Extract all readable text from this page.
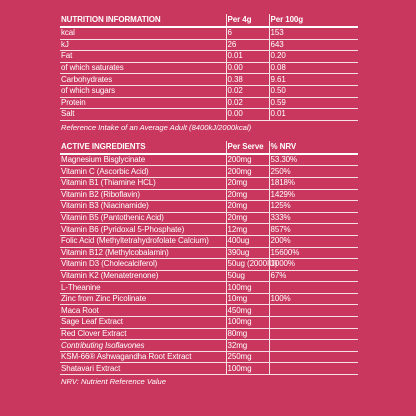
NUTRITION INFORMATION	Per 4g	Per 100g
kcal	6	153
kJ	26	643
Fat	0.01	0.20
of which saturates	0.00	0.08
Carbohydrates	0.38	9.61
of which sugars	0.02	0.50
Protein	0.02	0.59
Salt	0.00	0.01
Reference Intake of an Average Adult (8400kJ/2000kcal)
ACTIVE INGREDIENTS	Per Serve	% NRV
Magnesium Bisglycinate	200mg	53.30%
Vitamin C (Ascorbic Acid)	200mg	250%
Vitamin B1 (Thiamine HCL)	20mg	1818%
Vitamin B2 (Riboflavin)	20mg	1429%
Vitamin B3 (Niacinamide)	20mg	125%
Vitamin B5 (Pantothenic Acid)	20mg	333%
Vitamin B6 (Pyridoxal 5-Phosphate)	12mg	857%
Folic Acid (Methyltetrahydrofolate Calcium)	400ug	200%
Vitamin B12 (Methylcobalamin)	390ug	15600%
Vitamin D3 (Cholecalciferol)	50ug (2000IU)	1000%
Vitamin K2 (Menatetrenone)	50ug	67%
L-Theanine	100mg	
Zinc from Zinc Picolinate	10mg	100%
Maca Root	450mg	
Sage Leaf Extract	100mg	
Red Clover Extract	80mg	
Contributing Isoflavones	32mg	
KSM-66® Ashwagandha Root Extract	250mg	
Shatavari Extract	100mg	
NRV: Nutrient Reference Value
